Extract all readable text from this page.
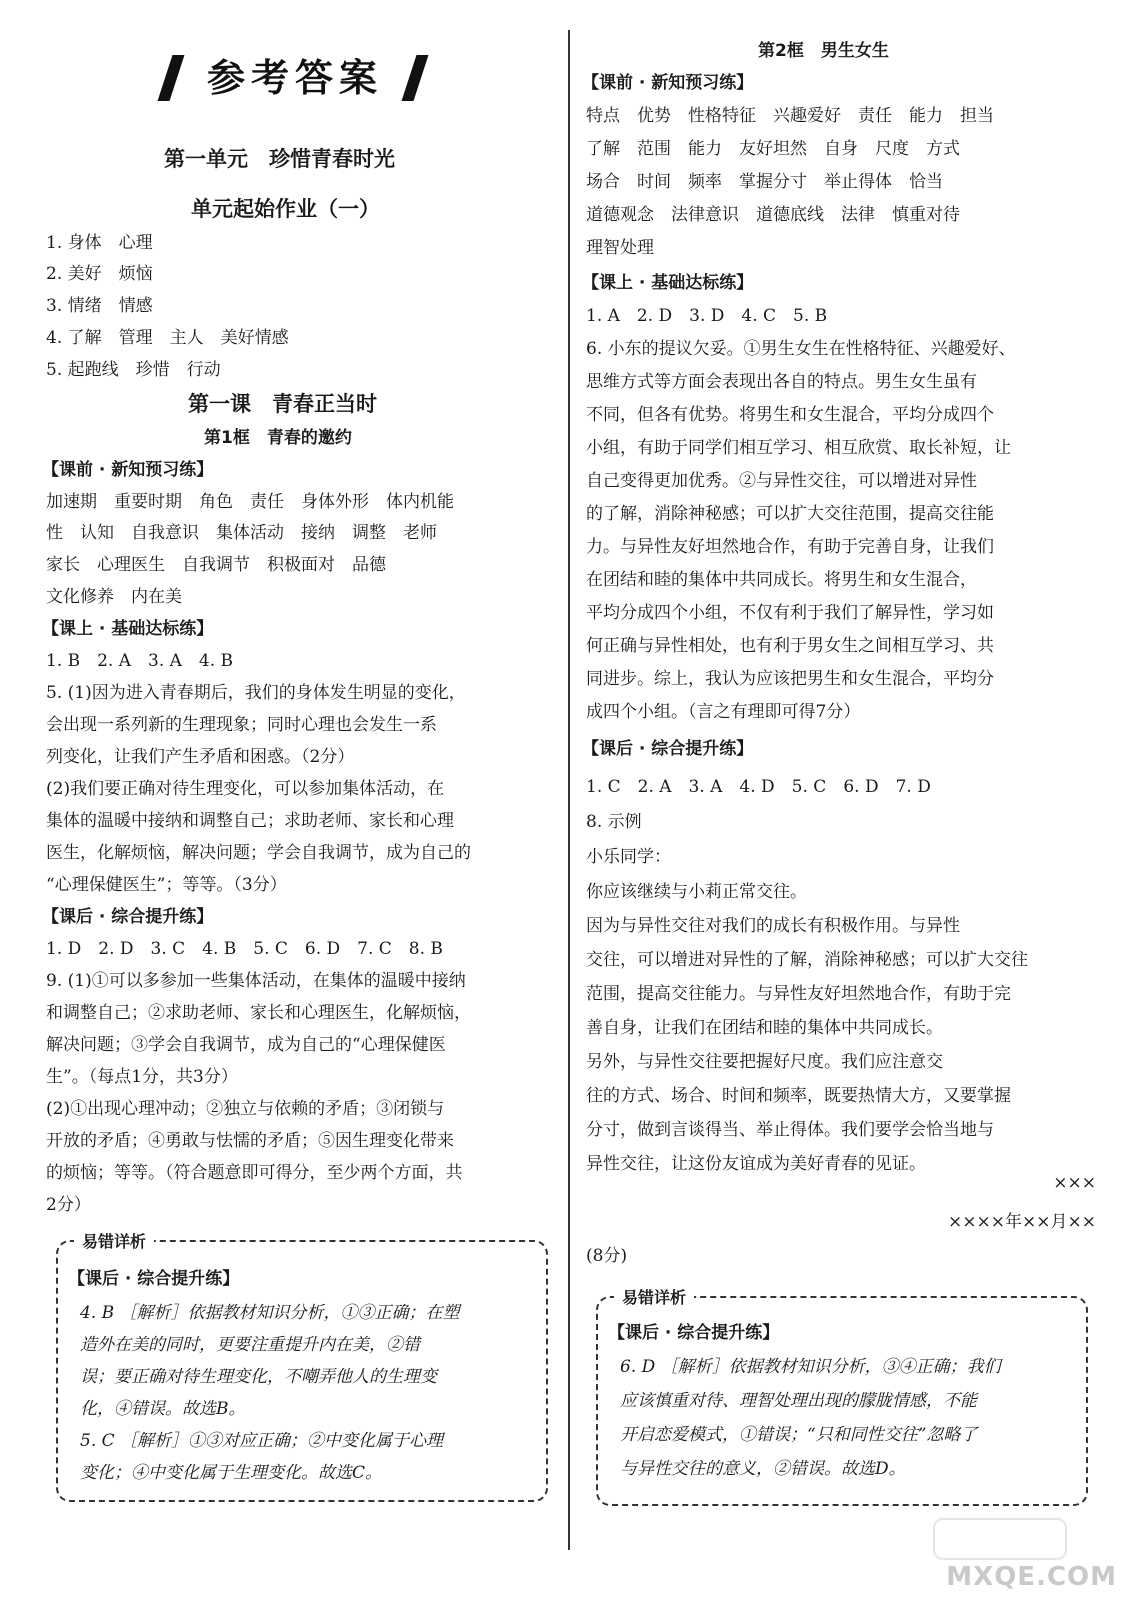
参考答案
第一单元　珍惜青春时光
单元起始作业（一）
1. 身体　心理
2. 美好　烦恼
3. 情绪　情感
4. 了解　管理　主人　美好情感
5. 起跑线　珍惜　行动
第一课　青春正当时
第1框　青春的邀约
【课前 · 新知预习练】
加速期　重要时期　角色　责任　身体外形　体内机能
性　认知　自我意识　集体活动　接纳　调整　老师
家长　心理医生　自我调节　积极面对　品德
文化修养　内在美
【课上 · 基础达标练】
1. B　2. A　3. A　4. B
5. (1)因为进入青春期后，我们的身体发生明显的变化，
会出现一系列新的生理现象；同时心理也会发生一系
列变化，让我们产生矛盾和困惑。（2分）
(2)我们要正确对待生理变化，可以参加集体活动，在
集体的温暖中接纳和调整自己；求助老师、家长和心理
医生，化解烦恼，解决问题；学会自我调节，成为自己的
“心理保健医生”；等等。（3分）
【课后 · 综合提升练】
1. D　2. D　3. C　4. B　5. C　6. D　7. C　8. B
9. (1)①可以多参加一些集体活动，在集体的温暖中接纳
和调整自己；②求助老师、家长和心理医生，化解烦恼，
解决问题；③学会自我调节，成为自己的“心理保健医
生”。（每点1分，共3分）
(2)①出现心理冲动；②独立与依赖的矛盾；③闭锁与
开放的矛盾；④勇敢与怯懦的矛盾；⑤因生理变化带来
的烦恼；等等。（符合题意即可得分，至少两个方面，共
2分）
易错详析
【课后 · 综合提升练】
4. B ［解析］依据教材知识分析，①③正确；在塑
造外在美的同时，更要注重提升内在美，②错
误；要正确对待生理变化，不嘲弄他人的生理变
化，④错误。故选B。
5. C ［解析］①③对应正确；②中变化属于心理
变化；④中变化属于生理变化。故选C。
第2框　男生女生
【课前 · 新知预习练】
特点　优势　性格特征　兴趣爱好　责任　能力　担当
了解　范围　能力　友好坦然　自身　尺度　方式
场合　时间　频率　掌握分寸　举止得体　恰当
道德观念　法律意识　道德底线　法律　慎重对待
理智处理
【课上 · 基础达标练】
1. A　2. D　3. D　4. C　5. B
6. 小东的提议欠妥。①男生女生在性格特征、兴趣爱好、
思维方式等方面会表现出各自的特点。男生女生虽有
不同，但各有优势。将男生和女生混合，平均分成四个
小组，有助于同学们相互学习、相互欣赏、取长补短，让
自己变得更加优秀。②与异性交往，可以增进对异性
的了解，消除神秘感；可以扩大交往范围，提高交往能
力。与异性友好坦然地合作，有助于完善自身，让我们
在团结和睦的集体中共同成长。将男生和女生混合，
平均分成四个小组，不仅有利于我们了解异性，学习如
何正确与异性相处，也有利于男女生之间相互学习、共
同进步。综上，我认为应该把男生和女生混合，平均分
成四个小组。（言之有理即可得7分）
【课后 · 综合提升练】
1. C　2. A　3. A　4. D　5. C　6. D　7. D
8. 示例
小乐同学：
你应该继续与小莉正常交往。
因为与异性交往对我们的成长有积极作用。与异性
交往，可以增进对异性的了解，消除神秘感；可以扩大交往
范围，提高交往能力。与异性友好坦然地合作，有助于完
善自身，让我们在团结和睦的集体中共同成长。
另外，与异性交往要把握好尺度。我们应注意交
往的方式、场合、时间和频率，既要热情大方，又要掌握
分寸，做到言谈得当、举止得体。我们要学会恰当地与
异性交往，让这份友谊成为美好青春的见证。
×××
××××年××月××
(8分)
易错详析
【课后 · 综合提升练】
6. D ［解析］依据教材知识分析，③④正确；我们
应该慎重对待、理智处理出现的朦胧情感，不能
开启恋爱模式，①错误；“只和同性交往”忽略了
与异性交往的意义，②错误。故选D。
MXQE.COM
